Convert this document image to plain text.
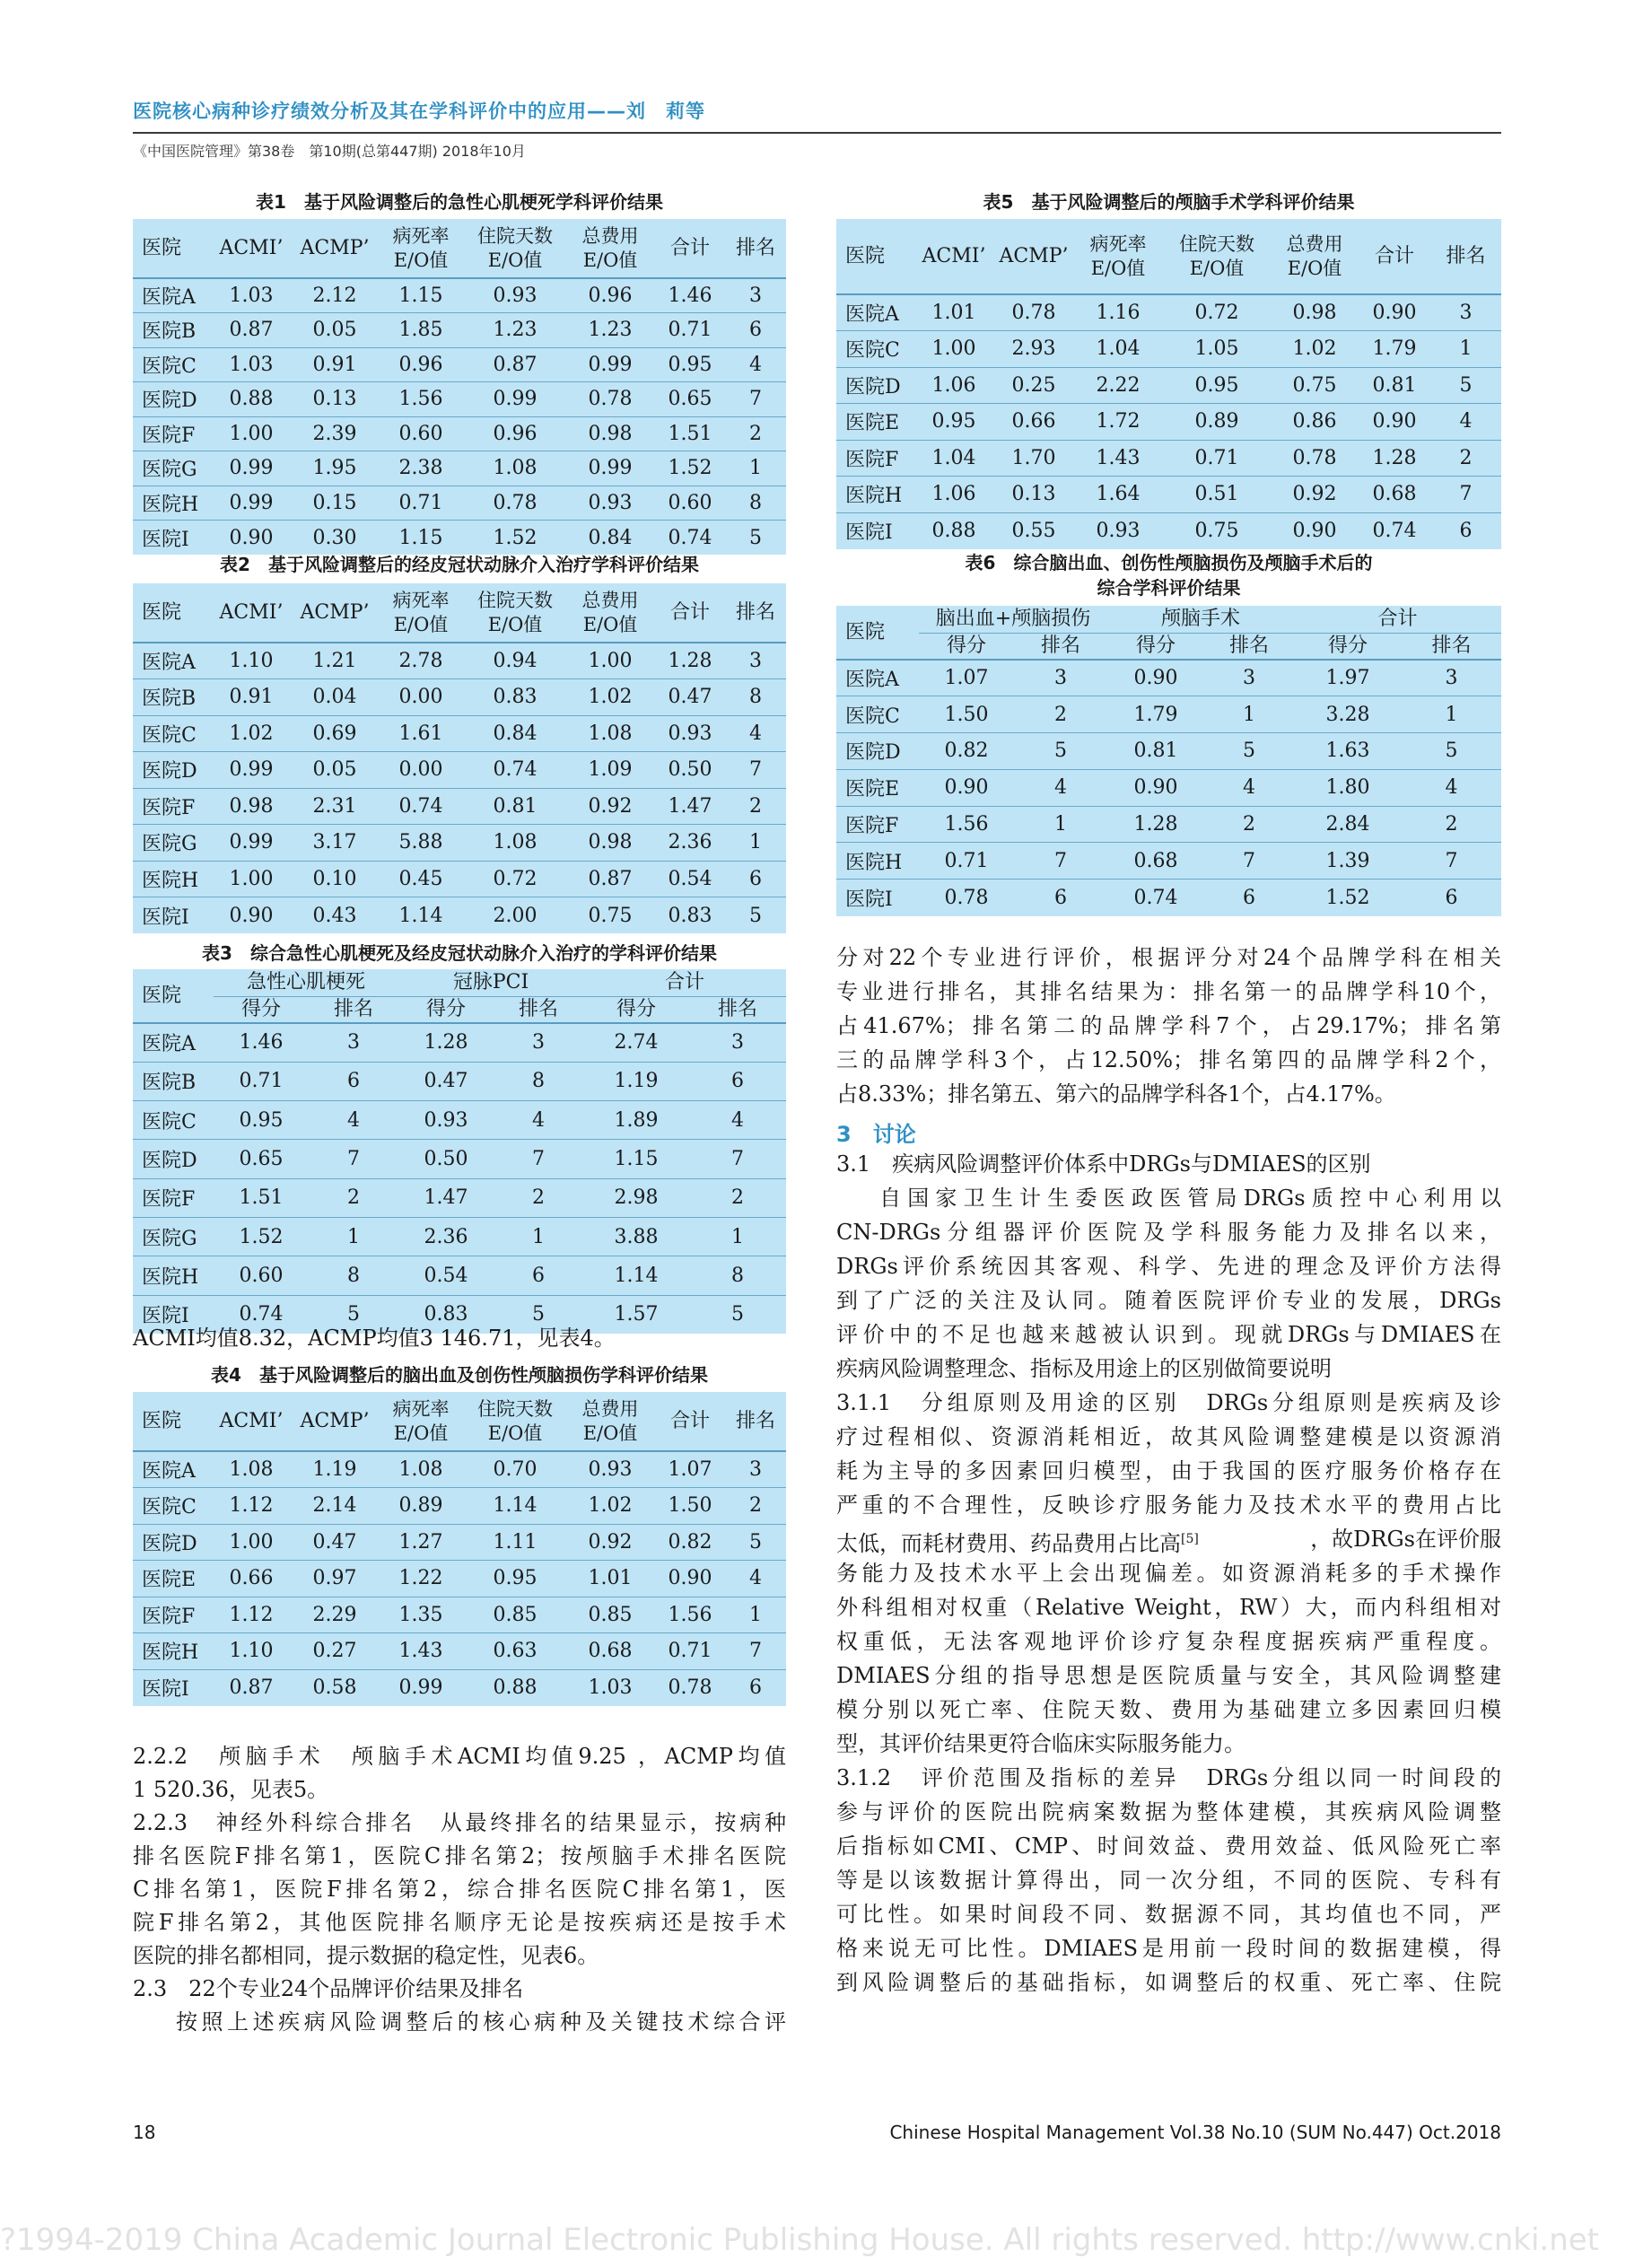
医院核心病种诊疗绩效分析及其在学科评价中的应用——刘　莉等
《中国医院管理》第38卷　第10期(总第447期) 2018年10月
表1　基于风险调整后的急性心肌梗死学科评价结果
医院	ACMI’	ACMP’	病死率E/O值	住院天数E/O值	总费用E/O值	合计	排名
医院A	1.03	2.12	1.15	0.93	0.96	1.46	3
医院B	0.87	0.05	1.85	1.23	1.23	0.71	6
医院C	1.03	0.91	0.96	0.87	0.99	0.95	4
医院D	0.88	0.13	1.56	0.99	0.78	0.65	7
医院F	1.00	2.39	0.60	0.96	0.98	1.51	2
医院G	0.99	1.95	2.38	1.08	0.99	1.52	1
医院H	0.99	0.15	0.71	0.78	0.93	0.60	8
医院I	0.90	0.30	1.15	1.52	0.84	0.74	5
表2　基于风险调整后的经皮冠状动脉介入治疗学科评价结果
医院	ACMI’	ACMP’	病死率E/O值	住院天数E/O值	总费用E/O值	合计	排名
医院A	1.10	1.21	2.78	0.94	1.00	1.28	3
医院B	0.91	0.04	0.00	0.83	1.02	0.47	8
医院C	1.02	0.69	1.61	0.84	1.08	0.93	4
医院D	0.99	0.05	0.00	0.74	1.09	0.50	7
医院F	0.98	2.31	0.74	0.81	0.92	1.47	2
医院G	0.99	3.17	5.88	1.08	0.98	2.36	1
医院H	1.00	0.10	0.45	0.72	0.87	0.54	6
医院I	0.90	0.43	1.14	2.00	0.75	0.83	5
表3　综合急性心肌梗死及经皮冠状动脉介入治疗的学科评价结果
医院	急性心肌梗死		冠脉PCI		合计	
	得分	排名	得分	排名	得分	排名
医院A	1.46	3	1.28	3	2.74	3
医院B	0.71	6	0.47	8	1.19	6
医院C	0.95	4	0.93	4	1.89	4
医院D	0.65	7	0.50	7	1.15	7
医院F	1.51	2	1.47	2	2.98	2
医院G	1.52	1	2.36	1	3.88	1
医院H	0.60	8	0.54	6	1.14	8
医院I	0.74	5	0.83	5	1.57	5
ACMI均值8.32，ACMP均值3 146.71，见表4。
表4　基于风险调整后的脑出血及创伤性颅脑损伤学科评价结果
医院	ACMI’	ACMP’	病死率E/O值	住院天数E/O值	总费用E/O值	合计	排名
医院A	1.08	1.19	1.08	0.70	0.93	1.07	3
医院C	1.12	2.14	0.89	1.14	1.02	1.50	2
医院D	1.00	0.47	1.27	1.11	0.92	0.82	5
医院E	0.66	0.97	1.22	0.95	1.01	0.90	4
医院F	1.12	2.29	1.35	0.85	0.85	1.56	1
医院H	1.10	0.27	1.43	0.63	0.68	0.71	7
医院I	0.87	0.58	0.99	0.88	1.03	0.78	6
2.2.2　颅脑手术　颅脑手术ACMI均值9.25 ，ACMP均值
1 520.36，见表5。
2.2.3　神经外科综合排名　从最终排名的结果显示，按病种
排名医院F排名第1，医院C排名第2；按颅脑手术排名医院
C排名第1，医院F排名第2，综合排名医院C排名第1，医
院F排名第2，其他医院排名顺序无论是按疾病还是按手术
医院的排名都相同，提示数据的稳定性，见表6。
2.3　22个专业24个品牌评价结果及排名
按照上述疾病风险调整后的核心病种及关键技术综合评
表5　基于风险调整后的颅脑手术学科评价结果
医院	ACMI’	ACMP’	病死率E/O值	住院天数E/O值	总费用E/O值	合计	排名
医院A	1.01	0.78	1.16	0.72	0.98	0.90	3
医院C	1.00	2.93	1.04	1.05	1.02	1.79	1
医院D	1.06	0.25	2.22	0.95	0.75	0.81	5
医院E	0.95	0.66	1.72	0.89	0.86	0.90	4
医院F	1.04	1.70	1.43	0.71	0.78	1.28	2
医院H	1.06	0.13	1.64	0.51	0.92	0.68	7
医院I	0.88	0.55	0.93	0.75	0.90	0.74	6
表6　综合脑出血、创伤性颅脑损伤及颅脑手术后的
综合学科评价结果
医院	脑出血+颅脑损伤		颅脑手术		合计	
	得分	排名	得分	排名	得分	排名
医院A	1.07	3	0.90	3	1.97	3
医院C	1.50	2	1.79	1	3.28	1
医院D	0.82	5	0.81	5	1.63	5
医院E	0.90	4	0.90	4	1.80	4
医院F	1.56	1	1.28	2	2.84	2
医院H	0.71	7	0.68	7	1.39	7
医院I	0.78	6	0.74	6	1.52	6
分对22个专业进行评价，根据评分对24个品牌学科在相关
专业进行排名，其排名结果为：排名第一的品牌学科10个，
占41.67%；排名第二的品牌学科7个，占29.17%；排名第
三的品牌学科3个，占12.50%；排名第四的品牌学科2个，
占8.33%；排名第五、第六的品牌学科各1个，占4.17%。
3　讨论
3.1　疾病风险调整评价体系中DRGs与DMIAES的区别
自国家卫生计生委医政医管局DRGs质控中心利用以
CN-DRGs分组器评价医院及学科服务能力及排名以来，
DRGs评价系统因其客观、科学、先进的理念及评价方法得
到了广泛的关注及认同。随着医院评价专业的发展，DRGs
评价中的不足也越来越被认识到。现就DRGs与DMIAES在
疾病风险调整理念、指标及用途上的区别做简要说明
3.1.1　分组原则及用途的区别　DRGs分组原则是疾病及诊
疗过程相似、资源消耗相近，故其风险调整建模是以资源消
耗为主导的多因素回归模型，由于我国的医疗服务价格存在
严重的不合理性，反映诊疗服务能力及技术水平的费用占比
太低，而耗材费用、药品费用占比高[5]	，故DRGs在评价服
务能力及技术水平上会出现偏差。如资源消耗多的手术操作
外科组相对权重（Relative Weight，RW）大，而内科组相对
权重低，无法客观地评价诊疗复杂程度据疾病严重程度。
DMIAES分组的指导思想是医院质量与安全，其风险调整建
模分别以死亡率、住院天数、费用为基础建立多因素回归模
型，其评价结果更符合临床实际服务能力。
3.1.2　评价范围及指标的差异　DRGs分组以同一时间段的
参与评价的医院出院病案数据为整体建模，其疾病风险调整
后指标如CMI、CMP、时间效益、费用效益、低风险死亡率
等是以该数据计算得出，同一次分组，不同的医院、专科有
可比性。如果时间段不同、数据源不同，其均值也不同，严
格来说无可比性。DMIAES是用前一段时间的数据建模，得
到风险调整后的基础指标，如调整后的权重、死亡率、住院
18	Chinese Hospital Management Vol.38 No.10 (SUM No.447) Oct.2018
?1994-2019 China Academic Journal Electronic Publishing House. All rights reserved. http://www.cnki.net
